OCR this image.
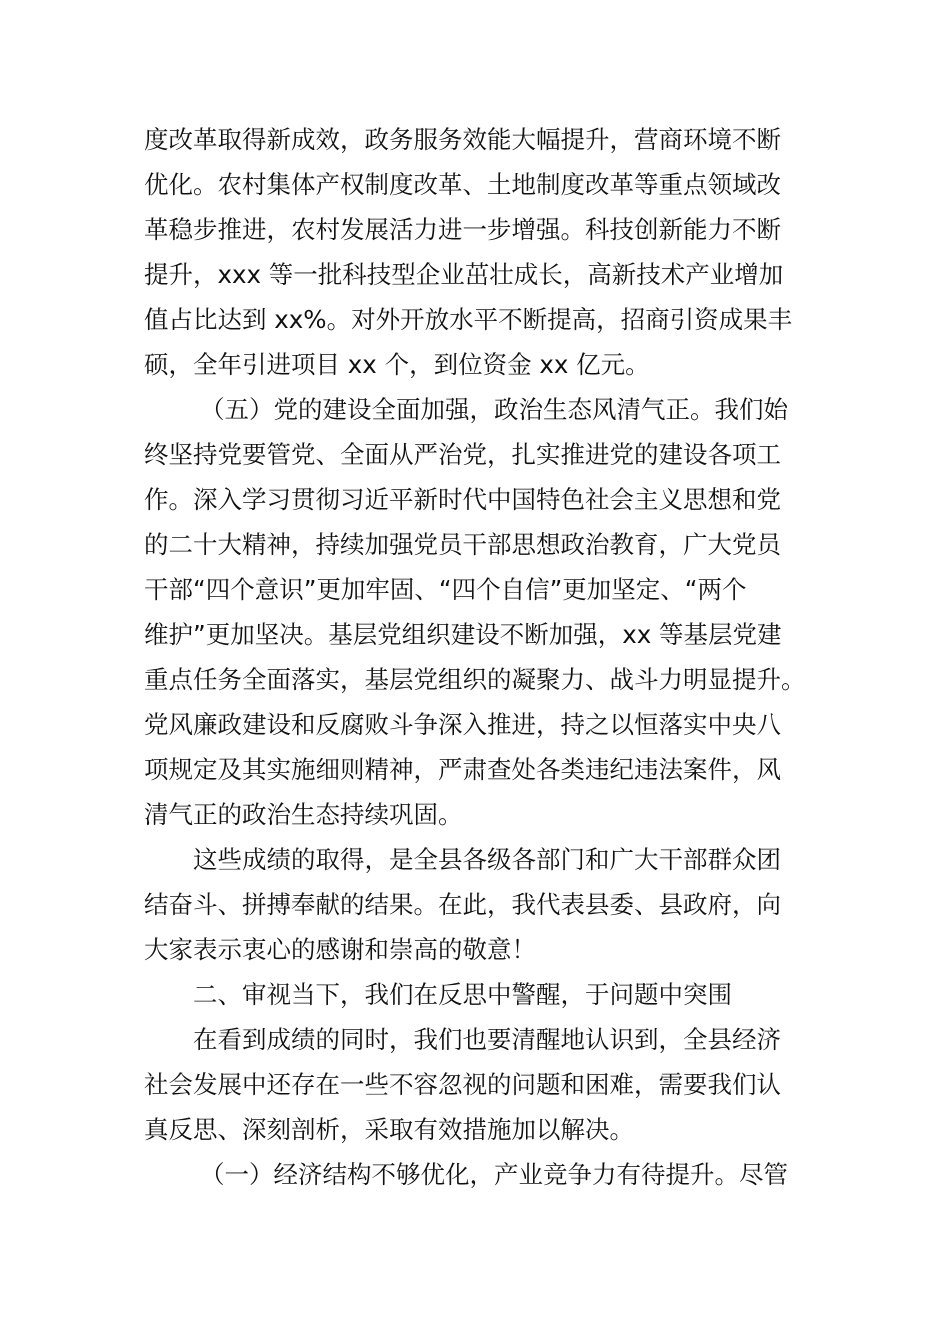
度改革取得新成效，政务服务效能大幅提升，营商环境不断
优化。农村集体产权制度改革、土地制度改革等重点领域改
革稳步推进，农村发展活力进一步增强。科技创新能力不断
提升，xxx 等一批科技型企业茁壮成长，高新技术产业增加
值占比达到 xx%。对外开放水平不断提高，招商引资成果丰
硕，全年引进项目 xx 个，到位资金 xx 亿元。
（五）党的建设全面加强，政治生态风清气正。我们始
终坚持党要管党、全面从严治党，扎实推进党的建设各项工
作。深入学习贯彻习近平新时代中国特色社会主义思想和党
的二十大精神，持续加强党员干部思想政治教育，广大党员
干部“四个意识”更加牢固、“四个自信”更加坚定、“两个
维护”更加坚决。基层党组织建设不断加强，xx 等基层党建
重点任务全面落实，基层党组织的凝聚力、战斗力明显提升。
党风廉政建设和反腐败斗争深入推进，持之以恒落实中央八
项规定及其实施细则精神，严肃查处各类违纪违法案件，风
清气正的政治生态持续巩固。
这些成绩的取得，是全县各级各部门和广大干部群众团
结奋斗、拼搏奉献的结果。在此，我代表县委、县政府，向
大家表示衷心的感谢和崇高的敬意！
二、审视当下，我们在反思中警醒，于问题中突围
在看到成绩的同时，我们也要清醒地认识到，全县经济
社会发展中还存在一些不容忽视的问题和困难，需要我们认
真反思、深刻剖析，采取有效措施加以解决。
（一）经济结构不够优化，产业竞争力有待提升。尽管
